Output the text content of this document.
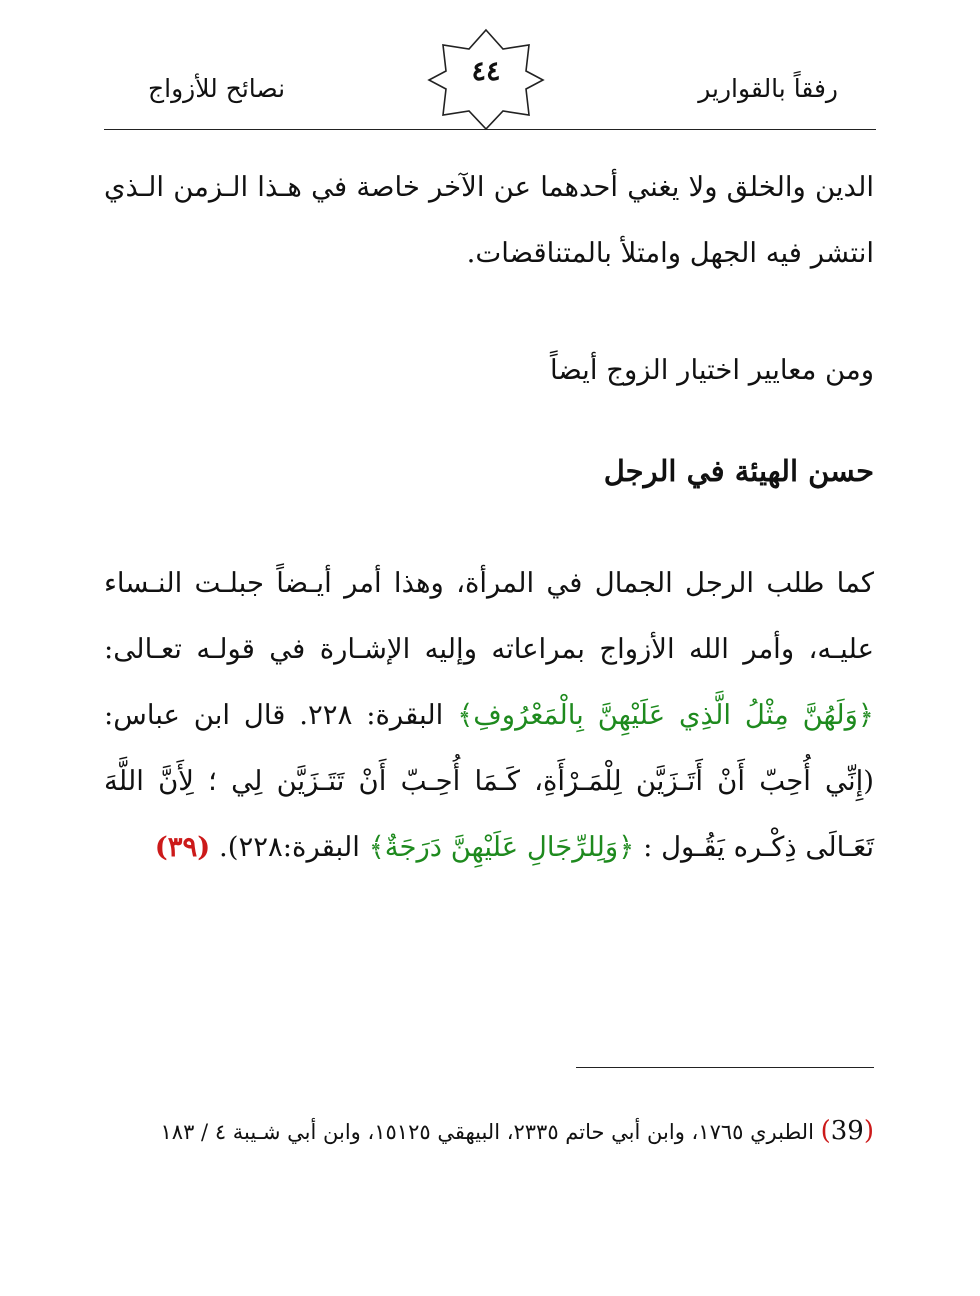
رفقاً بالقوارير
٤٤
نصائح للأزواج
الدين والخلق ولا يغني أحدهما عن الآخر خاصة في هـذا الـزمن الـذي انتشر فيه الجهل وامتلأ بالمتناقضات.
ومن معايير اختيار الزوج أيضاً
حسن الهيئة في الرجل
كما طلب الرجل الجمال في المرأة، وهذا أمر أيـضاً جبلـت النـساء عليـه، وأمر الله الأزواج بمراعاته وإليه الإشـارة في قولـه تعـالى: ﴿وَلَهُنَّ مِثْلُ الَّذِي عَلَيْهِنَّ بِالْمَعْرُوفِ﴾ البقرة: ٢٢٨. قال ابن عباس: (إِنِّي أُحِبّ أَنْ أَتَـزَيَّن لِلْمَـرْأَةِ، كَـمَا أُحِـبّ أَنْ تَتَـزَيَّن لِي ؛ لِأَنَّ اللَّهَ تَعَـالَى ذِكْـره يَقُـول : ﴿وَلِلرِّجَالِ عَلَيْهِنَّ دَرَجَةٌ﴾ البقرة:٢٢٨). (٣٩)
(39) الطبري ١٧٦٥، وابن أبي حاتم ٢٣٣٥، البيهقي ١٥١٢٥، وابن أبي شـيبة ٤ / ١٨٣
